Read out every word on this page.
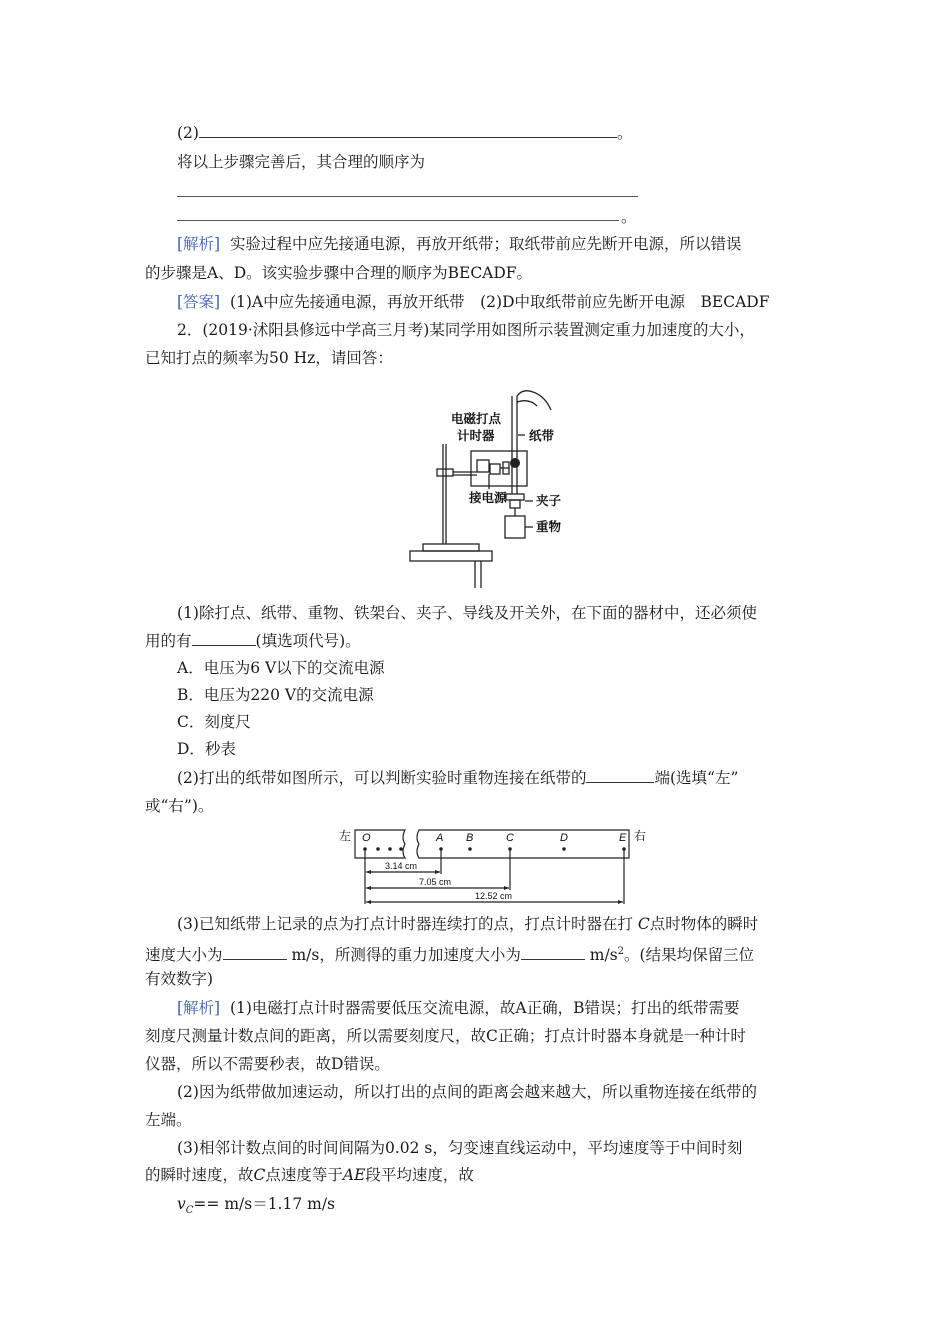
(2)	。
将以上步骤完善后，其合理的顺序为
。
[解析] 实验过程中应先接通电源，再放开纸带；取纸带前应先断开电源，所以错误
的步骤是A、D。该实验步骤中合理的顺序为BECADF。
[答案] (1)A中应先接通电源，再放开纸带　(2)D中取纸带前应先断开电源　BECADF
2．(2019·沭阳县修远中学高三月考)某同学用如图所示装置测定重力加速度的大小，
已知打点的频率为50 Hz，请回答：
电磁打点
计时器	纸带
接电源 夹子
重物
(1)除打点、纸带、重物、铁架台、夹子、导线及开关外，在下面的器材中，还必须使
用的有	(填选项代号)。
A．电压为6 V以下的交流电源
B．电压为220 V的交流电源
C．刻度尺
D．秒表
(2)打出的纸带如图所示，可以判断实验时重物连接在纸带的	端(选填“左”
或“右”)。
左	右
O	A B	C	D	E
3.14 cm
7.05 cm
12.52 cm
(3)已知纸带上记录的点为打点计时器连续打的点，打点计时器在打 C点时物体的瞬时
速度大小为	m/s，所测得的重力加速度大小为	$m/s^2$。(结果均保留三位
有效数字)
[解析] (1)电磁打点计时器需要低压交流电源，故A正确，B错误；打出的纸带需要
刻度尺测量计数点间的距离，所以需要刻度尺，故C正确；打点计时器本身就是一种计时
仪器，所以不需要秒表，故D错误。
(2)因为纸带做加速运动，所以打出的点间的距离会越来越大，所以重物连接在纸带的
左端。
(3)相邻计数点间的时间间隔为0.02 s，匀变速直线运动中，平均速度等于中间时刻
的瞬时速度，故C点速度等于AE段平均速度，故
$v_C== m/s=1.17$ m/s
